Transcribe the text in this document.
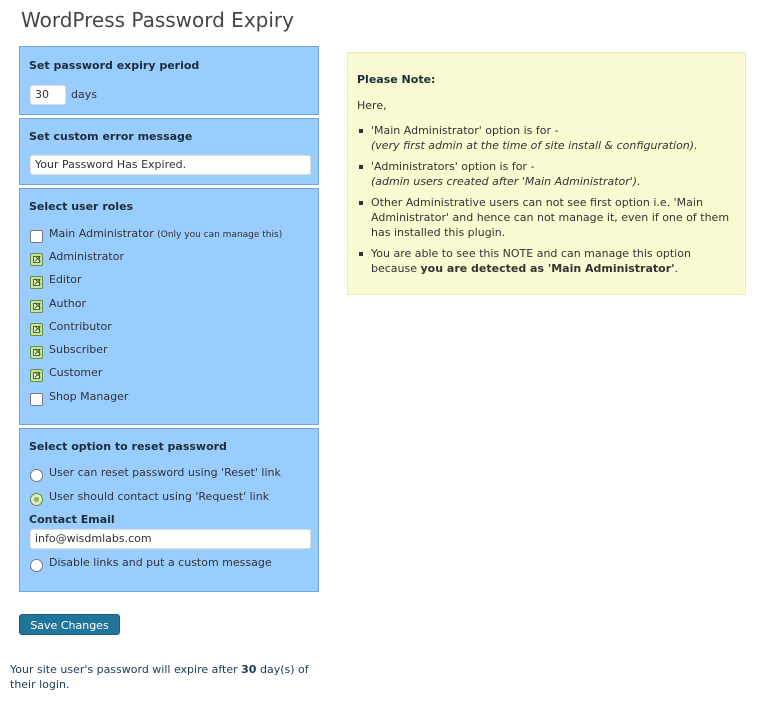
WordPress Password Expiry
Set password expiry period
30	days
Set custom error message
Your Password Has Expired.
Select user roles
Main Administrator (Only you can manage this)
×
Administrator
×
Editor
×
Author
×
Contributor
×
Subscriber
×
Customer
Shop Manager
Select option to reset password
User can reset password using 'Reset' link
User should contact using 'Request' link
Contact Email
info@wisdmlabs.com
Disable links and put a custom message
Save Changes
Your site user's password will expire after 30 day(s) of their login.
Please Note:
Here,
'Main Administrator' option is for -
(very first admin at the time of site install & configuration).
'Administrators' option is for -
(admin users created after 'Main Administrator').
Other Administrative users can not see first option i.e. 'Main Administrator' and hence can not manage it, even if one of them has installed this plugin.
You are able to see this NOTE and can manage this option because you are detected as 'Main Administrator'.
